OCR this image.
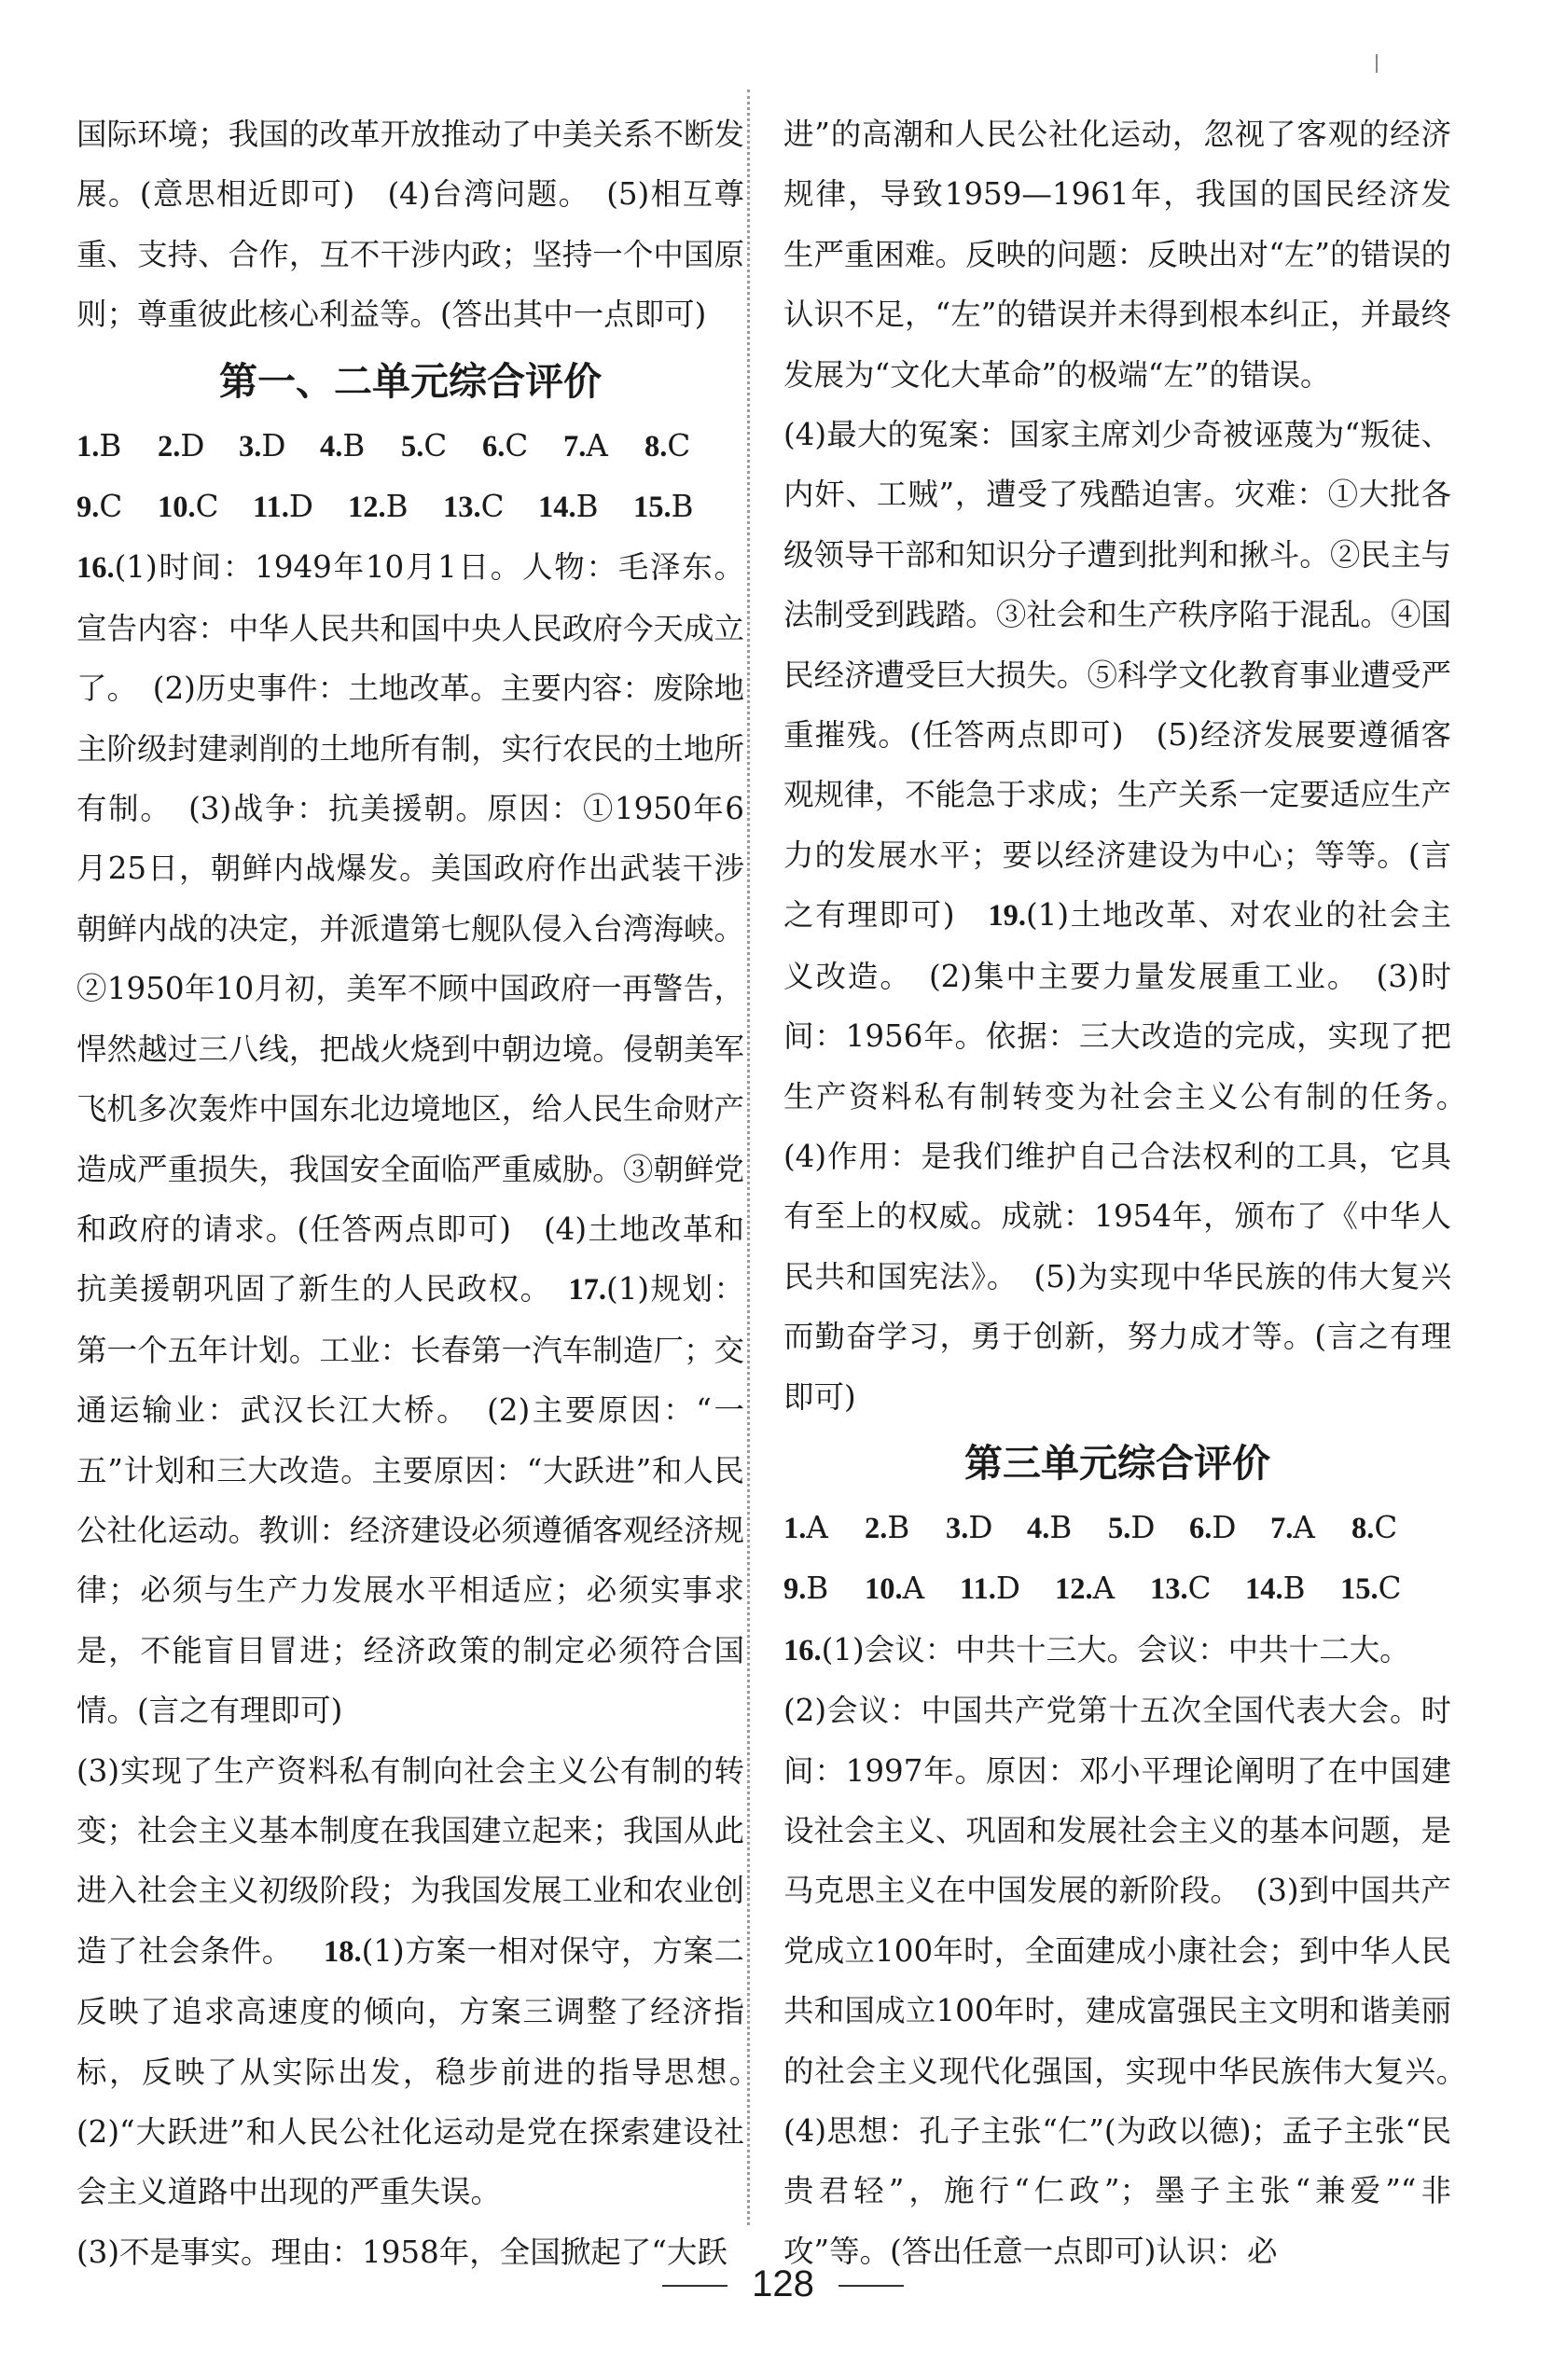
国际环境；我国的改革开放推动了中美关系不断发展。(意思相近即可)　(4)台湾问题。　(5)相互尊重、支持、合作，互不干涉内政；坚持一个中国原则；尊重彼此核心利益等。(答出其中一点即可)

第一、二单元综合评价
1.B 2.D 3.D 4.B 5.C 6.C 7.A 8.C
9.C 10.C 11.D 12.B 13.C 14.B 15.B

16.(1)时间：1949年10月1日。人物：毛泽东。宣告内容：中华人民共和国中央人民政府今天成立了。　(2)历史事件：土地改革。主要内容：废除地主阶级封建剥削的土地所有制，实行农民的土地所有制。　(3)战争：抗美援朝。原因：①1950年6月25日，朝鲜内战爆发。美国政府作出武装干涉朝鲜内战的决定，并派遣第七舰队侵入台湾海峡。②1950年10月初，美军不顾中国政府一再警告，悍然越过三八线，把战火烧到中朝边境。侵朝美军飞机多次轰炸中国东北边境地区，给人民生命财产造成严重损失，我国安全面临严重威胁。③朝鲜党和政府的请求。(任答两点即可)　(4)土地改革和抗美援朝巩固了新生的人民政权。　 17.(1)规划：第一个五年计划。工业：长春第一汽车制造厂；交通运输业：武汉长江大桥。　(2)主要原因：“一五”计划和三大改造。主要原因：“大跃进”和人民公社化运动。教训：经济建设必须遵循客观经济规律；必须与生产力发展水平相适应；必须实事求是，不能盲目冒进；经济政策的制定必须符合国情。(言之有理即可)

(3)实现了生产资料私有制向社会主义公有制的转变；社会主义基本制度在我国建立起来；我国从此进入社会主义初级阶段；为我国发展工业和农业创造了社会条件。

　 18.(1)方案一相对保守，方案二反映了追求高速度的倾向，方案三调整了经济指标，反映了从实际出发，稳步前进的指导思想。　(2)“大跃进”和人民公社化运动是党在探索建设社会主义道路中出现的严重失误。

(3)不是事实。理由：1958年，全国掀起了“大跃

进”的高潮和人民公社化运动，忽视了客观的经济规律，导致1959—1961年，我国的国民经济发生严重困难。反映的问题：反映出对“左”的错误的认识不足，“左”的错误并未得到根本纠正，并最终发展为“文化大革命”的极端“左”的错误。

(4)最大的冤案：国家主席刘少奇被诬蔑为“叛徒、内奸、工贼”，遭受了残酷迫害。灾难：①大批各级领导干部和知识分子遭到批判和揪斗。②民主与法制受到践踏。③社会和生产秩序陷于混乱。④国民经济遭受巨大损失。⑤科学文化教育事业遭受严重摧残。(任答两点即可)　(5)经济发展要遵循客观规律，不能急于求成；生产关系一定要适应生产力的发展水平；要以经济建设为中心；等等。(言之有理即可)　 19.(1)土地改革、对农业的社会主义改造。　(2)集中主要力量发展重工业。　(3)时间：1956年。依据：三大改造的完成，实现了把生产资料私有制转变为社会主义公有制的任务。　(4)作用：是我们维护自己合法权利的工具，它具有至上的权威。成就：1954年，颁布了《中华人民共和国宪法》。　(5)为实现中华民族的伟大复兴而勤奋学习，勇于创新，努力成才等。(言之有理即可)

第三单元综合评价
1.A 2.B 3.D 4.B 5.D 6.D 7.A 8.C
9.B 10.A 11.D 12.A 13.C 14.B 15.C

16.(1)会议：中共十三大。会议：中共十二大。

(2)会议：中国共产党第十五次全国代表大会。时间：1997年。原因：邓小平理论阐明了在中国建设社会主义、巩固和发展社会主义的基本问题，是马克思主义在中国发展的新阶段。　(3)到中国共产党成立100年时，全面建成小康社会；到中华人民共和国成立100年时，建成富强民主文明和谐美丽的社会主义现代化强国，实现中华民族伟大复兴。　(4)思想：孔子主张“仁”(为政以德)；孟子主张“民贵君轻”，施行“仁政”；墨子主张“兼爱”“非攻”等。(答出任意一点即可)认识：必

128
